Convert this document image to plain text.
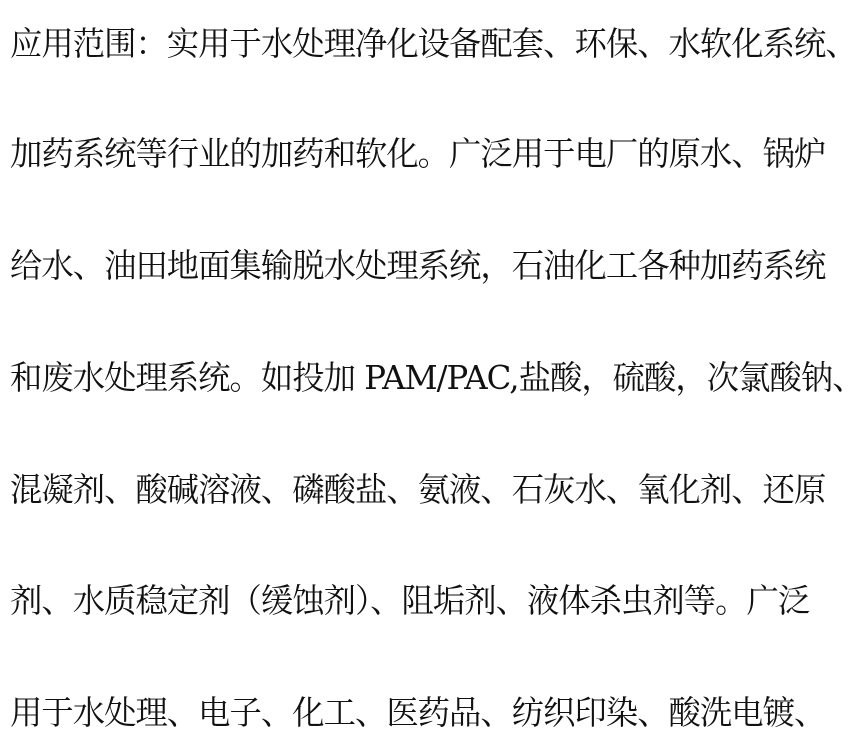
应用范围：实用于水处理净化设备配套、环保、水软化系统、
加药系统等行业的加药和软化。广泛用于电厂的原水、锅炉
给水、油田地面集输脱水处理系统，石油化工各种加药系统
和废水处理系统。如投加 PAM/PAC,盐酸，硫酸，次氯酸钠、
混凝剂、酸碱溶液、磷酸盐、氨液、石灰水、氧化剂、还原
剂、水质稳定剂（缓蚀剂）、阻垢剂、液体杀虫剂等。广泛
用于水处理、电子、化工、医药品、纺织印染、酸洗电镀、
